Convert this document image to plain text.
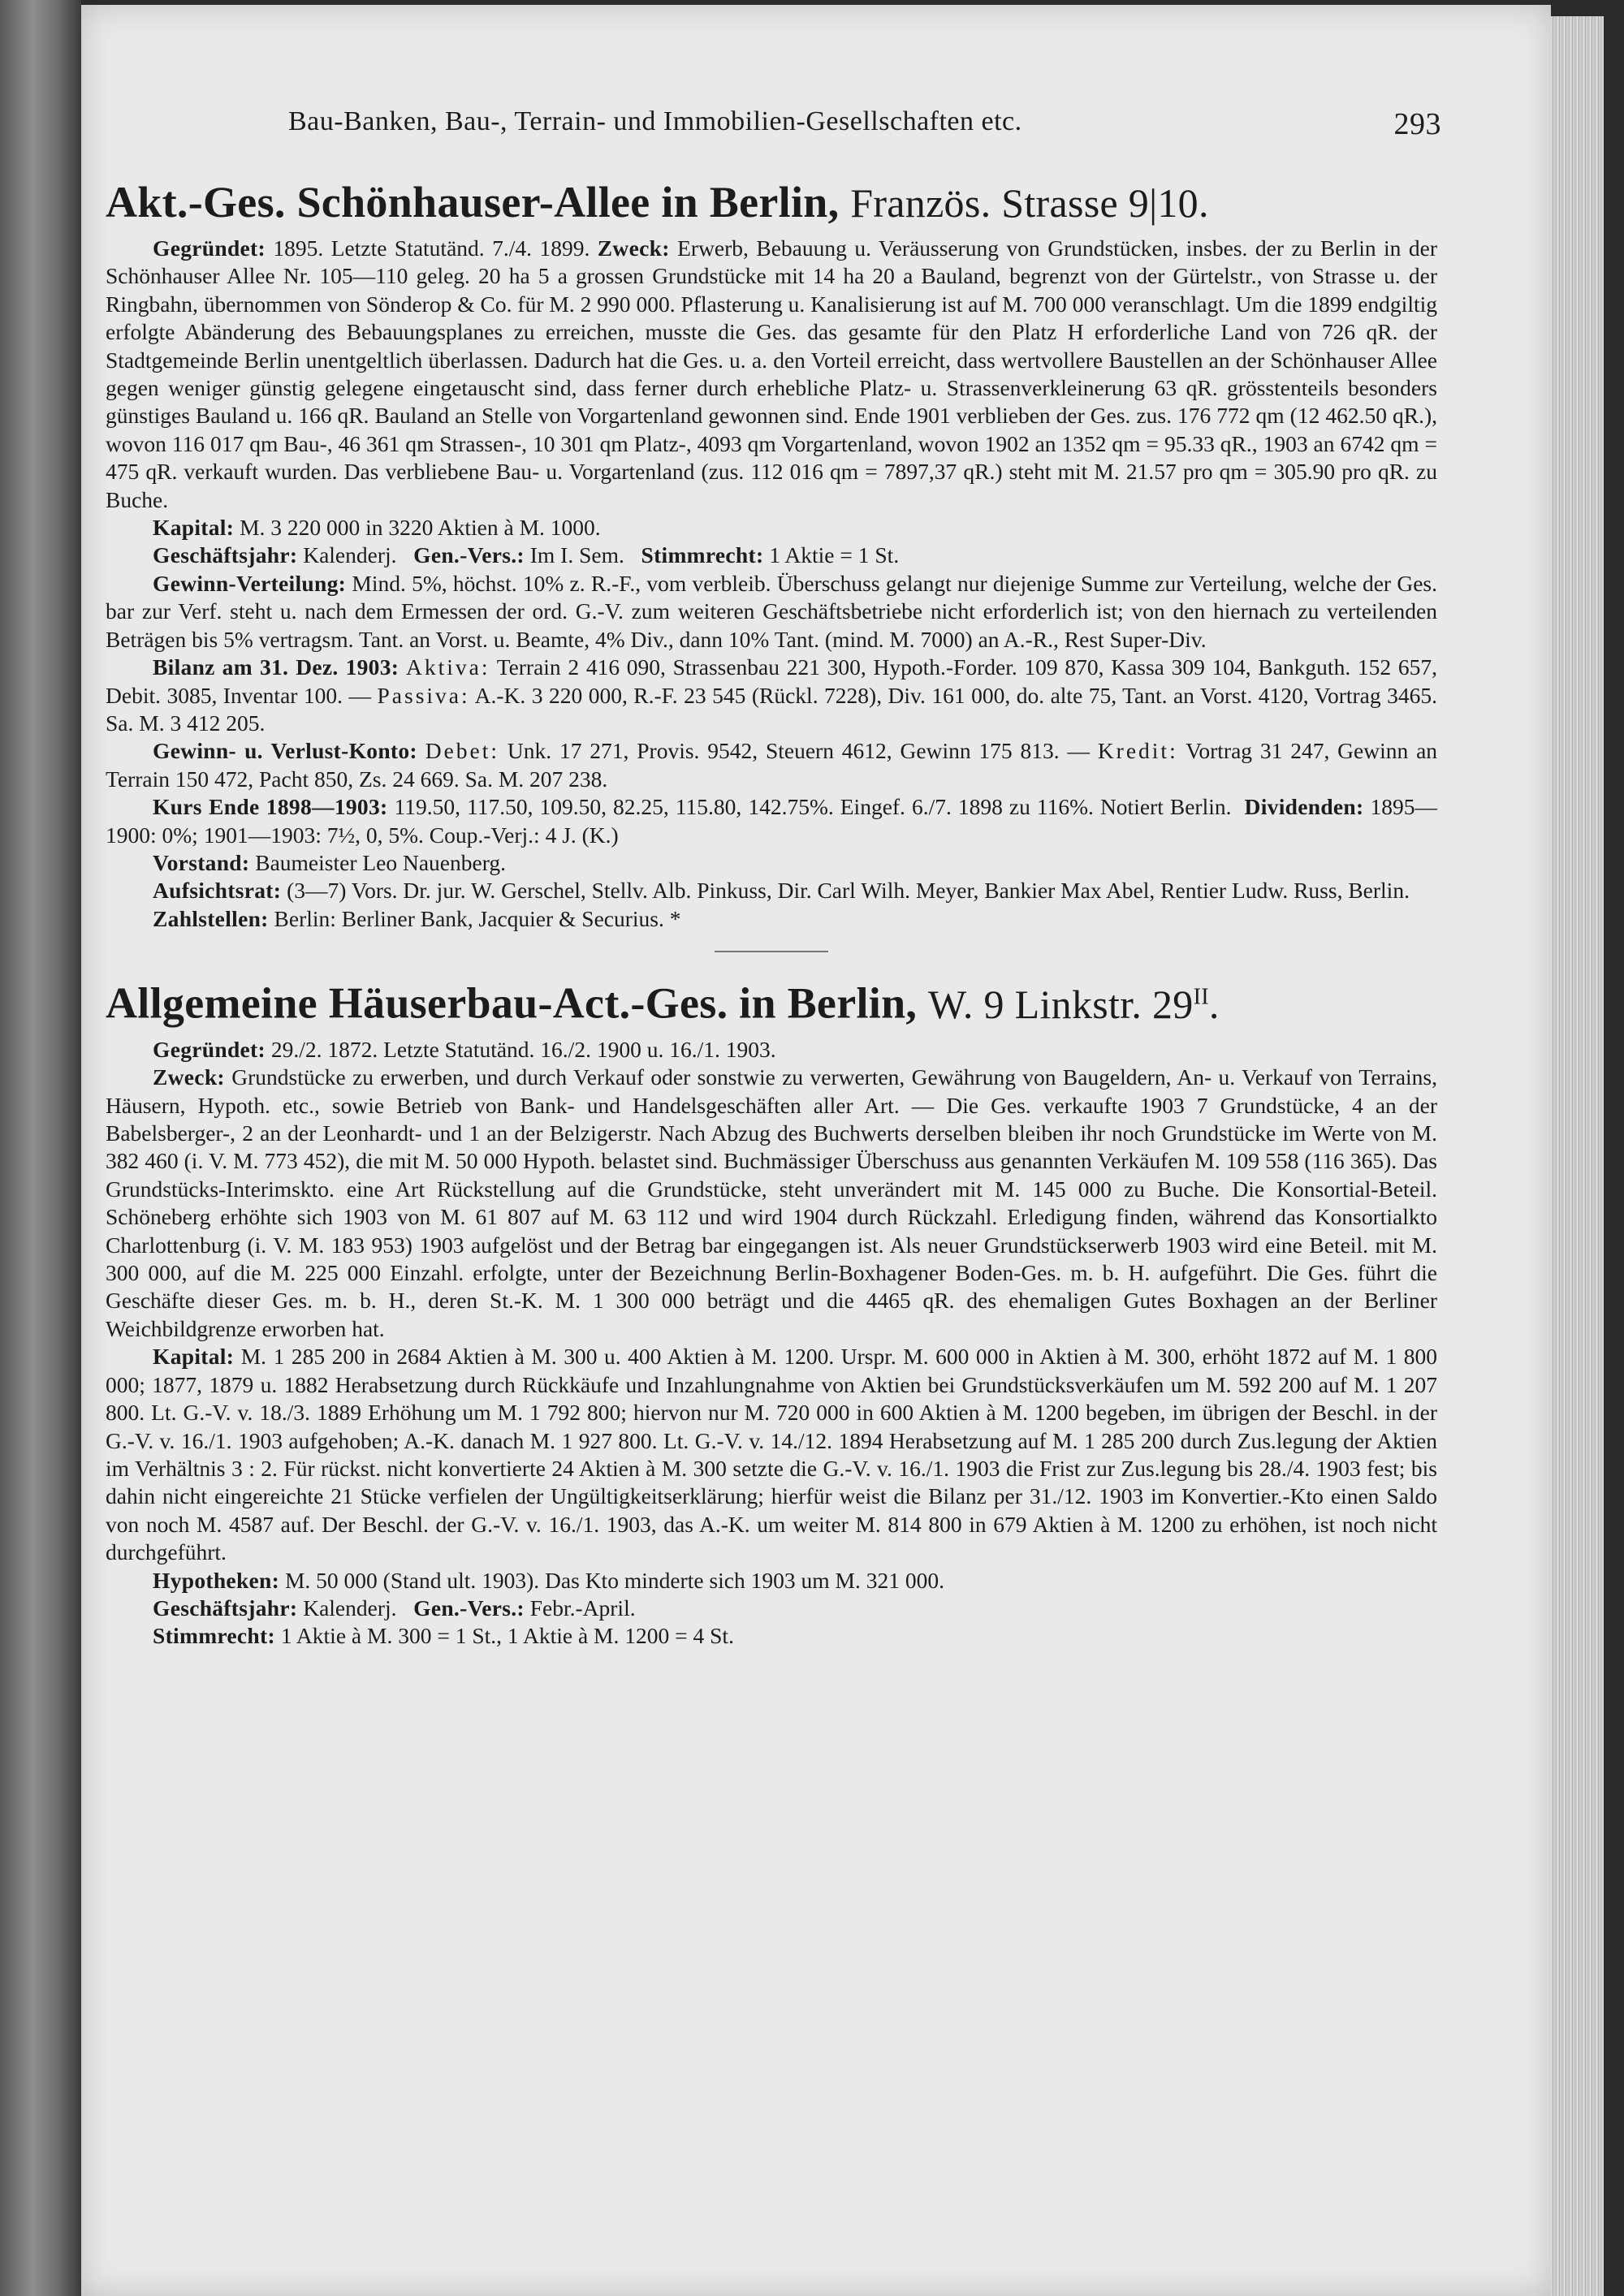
Bau-Banken, Bau-, Terrain- und Immobilien-Gesellschaften etc.	293
Akt.-Ges. Schönhauser-Allee in Berlin, Französ. Strasse 9|10.

Gegründet: 1895. Letzte Statutänd. 7./4. 1899. Zweck: Erwerb, Bebauung u. Veräusserung von Grundstücken, insbes. der zu Berlin in der Schönhauser Allee Nr. 105—110 geleg. 20 ha 5 a grossen Grundstücke mit 14 ha 20 a Bauland, begrenzt von der Gürtelstr., von Strasse u. der Ringbahn, übernommen von Sönderop & Co. für M. 2 990 000. Pflasterung u. Kanalisierung ist auf M. 700 000 veranschlagt. Um die 1899 endgiltig erfolgte Abänderung des Bebauungsplanes zu erreichen, musste die Ges. das gesamte für den Platz H erforderliche Land von 726 qR. der Stadtgemeinde Berlin unentgeltlich überlassen. Dadurch hat die Ges. u. a. den Vorteil erreicht, dass wertvollere Baustellen an der Schönhauser Allee gegen weniger günstig gelegene eingetauscht sind, dass ferner durch erhebliche Platz- u. Strassenverkleinerung 63 qR. grösstenteils besonders günstiges Bauland u. 166 qR. Bauland an Stelle von Vorgartenland gewonnen sind. Ende 1901 verblieben der Ges. zus. 176 772 qm (12 462.50 qR.), wovon 116 017 qm Bau-, 46 361 qm Strassen-, 10 301 qm Platz-, 4093 qm Vorgartenland, wovon 1902 an 1352 qm = 95.33 qR., 1903 an 6742 qm = 475 qR. verkauft wurden. Das verbliebene Bau- u. Vorgartenland (zus. 112 016 qm = 7897,37 qR.) steht mit M. 21.57 pro qm = 305.90 pro qR. zu Buche.

Kapital: M. 3 220 000 in 3220 Aktien à M. 1000.

Geschäftsjahr: Kalenderj. Gen.-Vers.: Im I. Sem. Stimmrecht: 1 Aktie = 1 St.

Gewinn-Verteilung: Mind. 5%, höchst. 10% z. R.-F., vom verbleib. Überschuss gelangt nur diejenige Summe zur Verteilung, welche der Ges. bar zur Verf. steht u. nach dem Ermessen der ord. G.-V. zum weiteren Geschäftsbetriebe nicht erforderlich ist; von den hiernach zu verteilenden Beträgen bis 5% vertragsm. Tant. an Vorst. u. Beamte, 4% Div., dann 10% Tant. (mind. M. 7000) an A.-R., Rest Super-Div.

Bilanz am 31. Dez. 1903: Aktiva: Terrain 2 416 090, Strassenbau 221 300, Hypoth.-Forder. 109 870, Kassa 309 104, Bankguth. 152 657, Debit. 3085, Inventar 100. — Passiva: A.-K. 3 220 000, R.-F. 23 545 (Rückl. 7228), Div. 161 000, do. alte 75, Tant. an Vorst. 4120, Vortrag 3465. Sa. M. 3 412 205.

Gewinn- u. Verlust-Konto: Debet: Unk. 17 271, Provis. 9542, Steuern 4612, Gewinn 175 813. — Kredit: Vortrag 31 247, Gewinn an Terrain 150 472, Pacht 850, Zs. 24 669. Sa. M. 207 238.

Kurs Ende 1898—1903: 119.50, 117.50, 109.50, 82.25, 115.80, 142.75%. Eingef. 6./7. 1898 zu 116%. Notiert Berlin. Dividenden: 1895—1900: 0%; 1901—1903: 7½, 0, 5%. Coup.-Verj.: 4 J. (K.)

Vorstand: Baumeister Leo Nauenberg.

Aufsichtsrat: (3—7) Vors. Dr. jur. W. Gerschel, Stellv. Alb. Pinkuss, Dir. Carl Wilh. Meyer, Bankier Max Abel, Rentier Ludw. Russ, Berlin.

Zahlstellen: Berlin: Berliner Bank, Jacquier & Securius. *

Allgemeine Häuserbau-Act.-Ges. in Berlin, W. 9 Linkstr. $29^{II}$.

Gegründet: 29./2. 1872. Letzte Statutänd. 16./2. 1900 u. 16./1. 1903.

Zweck: Grundstücke zu erwerben, und durch Verkauf oder sonstwie zu verwerten, Gewährung von Baugeldern, An- u. Verkauf von Terrains, Häusern, Hypoth. etc., sowie Betrieb von Bank- und Handelsgeschäften aller Art. — Die Ges. verkaufte 1903 7 Grundstücke, 4 an der Babelsberger-, 2 an der Leonhardt- und 1 an der Belzigerstr. Nach Abzug des Buchwerts derselben bleiben ihr noch Grundstücke im Werte von M. 382 460 (i. V. M. 773 452), die mit M. 50 000 Hypoth. belastet sind. Buchmässiger Überschuss aus genannten Verkäufen M. 109 558 (116 365). Das Grundstücks-Interimskto. eine Art Rückstellung auf die Grundstücke, steht unverändert mit M. 145 000 zu Buche. Die Konsortial-Beteil. Schöneberg erhöhte sich 1903 von M. 61 807 auf M. 63 112 und wird 1904 durch Rückzahl. Erledigung finden, während das Konsortialkto Charlottenburg (i. V. M. 183 953) 1903 aufgelöst und der Betrag bar eingegangen ist. Als neuer Grundstückserwerb 1903 wird eine Beteil. mit M. 300 000, auf die M. 225 000 Einzahl. erfolgte, unter der Bezeichnung Berlin-Boxhagener Boden-Ges. m. b. H. aufgeführt. Die Ges. führt die Geschäfte dieser Ges. m. b. H., deren St.-K. M. 1 300 000 beträgt und die 4465 qR. des ehemaligen Gutes Boxhagen an der Berliner Weichbildgrenze erworben hat.

Kapital: M. 1 285 200 in 2684 Aktien à M. 300 u. 400 Aktien à M. 1200. Urspr. M. 600 000 in Aktien à M. 300, erhöht 1872 auf M. 1 800 000; 1877, 1879 u. 1882 Herabsetzung durch Rückkäufe und Inzahlungnahme von Aktien bei Grundstücksverkäufen um M. 592 200 auf M. 1 207 800. Lt. G.-V. v. 18./3. 1889 Erhöhung um M. 1 792 800; hiervon nur M. 720 000 in 600 Aktien à M. 1200 begeben, im übrigen der Beschl. in der G.-V. v. 16./1. 1903 aufgehoben; A.-K. danach M. 1 927 800. Lt. G.-V. v. 14./12. 1894 Herabsetzung auf M. 1 285 200 durch Zus.legung der Aktien im Verhältnis 3 : 2. Für rückst. nicht konvertierte 24 Aktien à M. 300 setzte die G.-V. v. 16./1. 1903 die Frist zur Zus.legung bis 28./4. 1903 fest; bis dahin nicht eingereichte 21 Stücke verfielen der Ungültigkeitserklärung; hierfür weist die Bilanz per 31./12. 1903 im Konvertier.-Kto einen Saldo von noch M. 4587 auf. Der Beschl. der G.-V. v. 16./1. 1903, das A.-K. um weiter M. 814 800 in 679 Aktien à M. 1200 zu erhöhen, ist noch nicht durchgeführt.

Hypotheken: M. 50 000 (Stand ult. 1903). Das Kto minderte sich 1903 um M. 321 000.

Geschäftsjahr: Kalenderj. Gen.-Vers.: Febr.-April.

Stimmrecht: 1 Aktie à M. 300 = 1 St., 1 Aktie à M. 1200 = 4 St.
